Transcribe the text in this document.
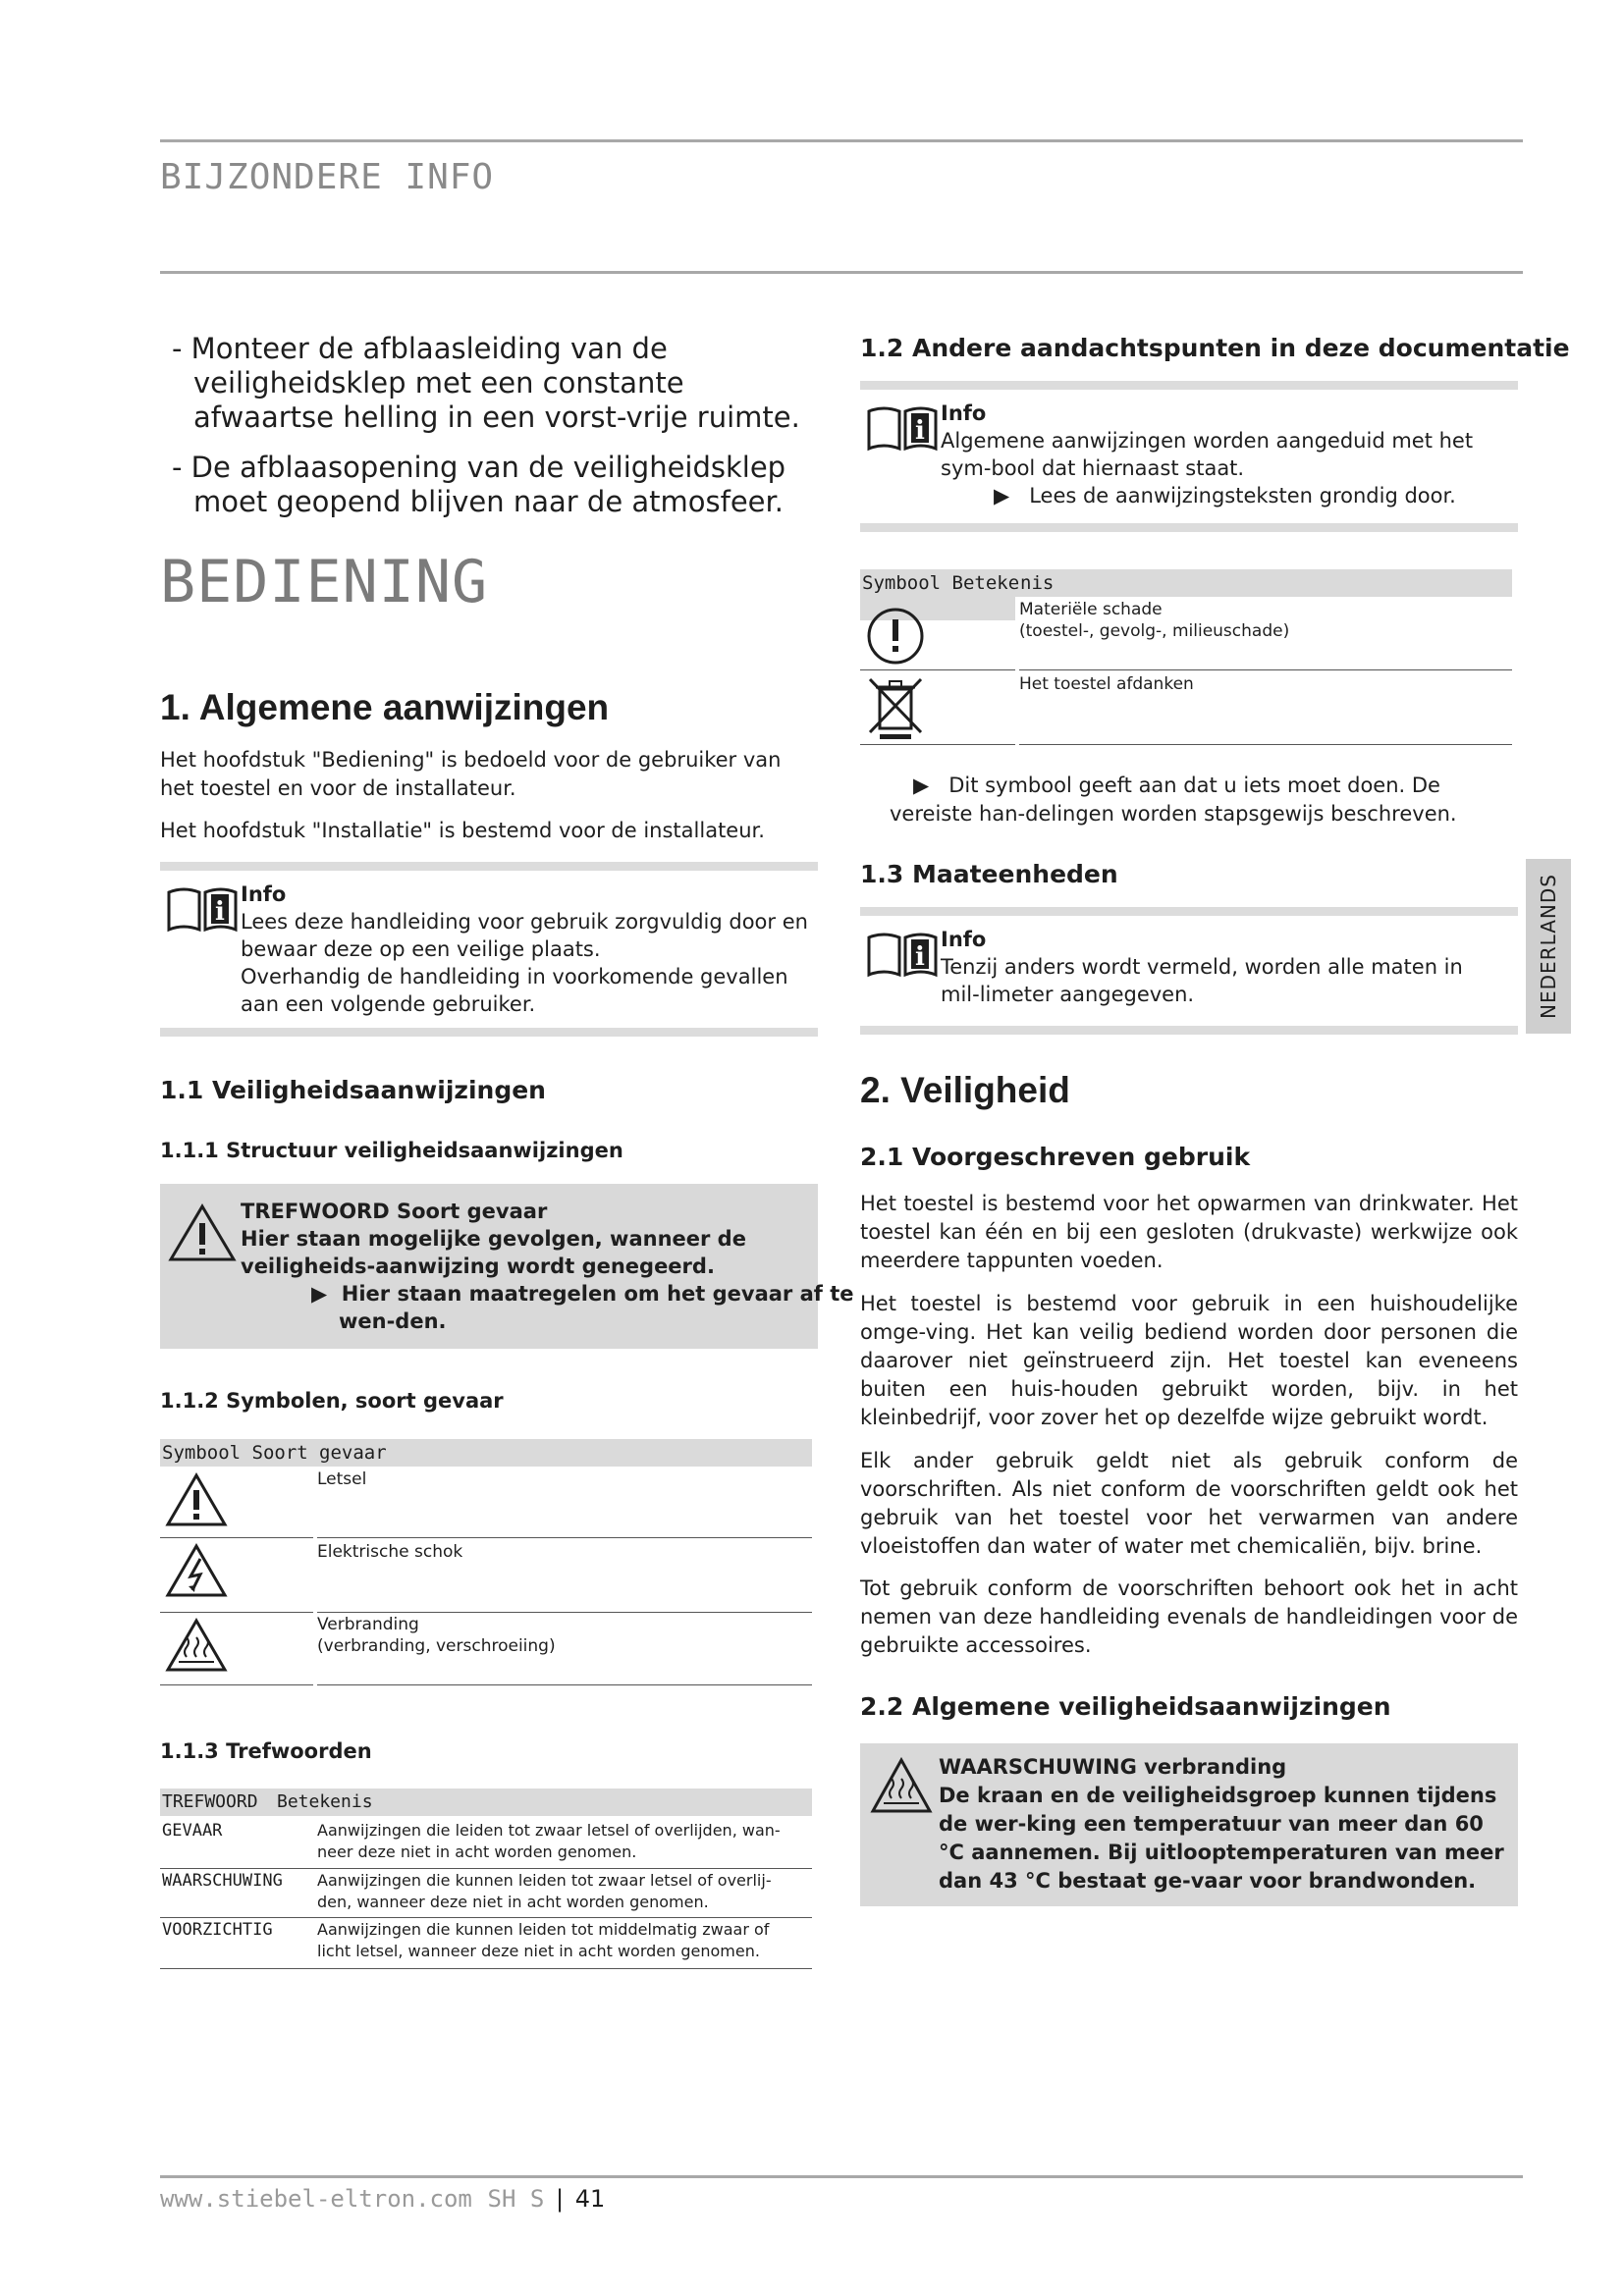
BIJZONDERE INFO

- Monteer de afblaasleiding van de veiligheidsklep met een constante afwaartse helling in een vorst-vrije ruimte.

- De afblaasopening van de veiligheidsklep moet geopend blijven naar de atmosfeer.

BEDIENING
1. Algemene aanwijzingen

Het hoofdstuk "Bediening" is bedoeld voor de gebruiker van het toestel en voor de installateur.

Het hoofdstuk "Installatie" is bestemd voor de installateur.

i
Info
Lees deze handleiding voor gebruik zorgvuldig door en bewaar deze op een veilige plaats.
Overhandig de handleiding in voorkomende gevallen aan een volgende gebruiker.
1.1 Veiligheidsaanwijzingen
1.1.1 Structuur veiligheidsaanwijzingen
TREFWOORD Soort gevaar
Hier staan mogelijke gevolgen, wanneer de veiligheids-aanwijzing wordt genegeerd.
▶  Hier staan maatregelen om het gevaar af te wen-den.
1.1.2 Symbolen, soort gevaar
Symbool Soort gevaar
Letsel
Elektrische schok
Verbranding
(verbranding, verschroeiing)
1.1.3 Trefwoorden
TREFWOORD Betekenis
GEVAAR	Aanwijzingen die leiden tot zwaar letsel of overlijden, wan-
neer deze niet in acht worden genomen.
WAARSCHUWING Aanwijzingen die kunnen leiden tot zwaar letsel of overlij-
den, wanneer deze niet in acht worden genomen.
VOORZICHTIG	Aanwijzingen die kunnen leiden tot middelmatig zwaar of
licht letsel, wanneer deze niet in acht worden genomen.
1.2 Andere aandachtspunten in deze documentatie
i
Info
Algemene aanwijzingen worden aangeduid met het sym-bool dat hiernaast staat.
▶   Lees de aanwijzingsteksten grondig door.
Symbool Beteke nis
Materiële schade
(toestel-, gevolg-, milieuschade)
Het toestel afdanken
▶   Dit symbool geeft aan dat u iets moet doen. De vereiste han-delingen worden stapsgewijs beschreven.
1.3 Maateenheden
i
Info
Tenzij anders wordt vermeld, worden alle maten in mil-limeter aangegeven.
2. Veiligheid
2.1 Voorgeschreven gebruik

Het toestel is bestemd voor het opwarmen van drinkwater. Het toestel kan één en bij een gesloten (drukvaste) werkwijze ook meerdere tappunten voeden.

Het toestel is bestemd voor gebruik in een huishoudelijke omge-ving. Het kan veilig bediend worden door personen die daarover niet geïnstrueerd zijn. Het toestel kan eveneens buiten een huis-houden gebruikt worden, bijv. in het kleinbedrijf, voor zover het op dezelfde wijze gebruikt wordt.

Elk ander gebruik geldt niet als gebruik conform de voorschriften. Als niet conform de voorschriften geldt ook het gebruik van het toestel voor het verwarmen van andere vloeistoffen dan water of water met chemicaliën, bijv. brine.

Tot gebruik conform de voorschriften behoort ook het in acht nemen van deze handleiding evenals de handleidingen voor de gebruikte accessoires.

2.2 Algemene veiligheidsaanwijzingen
WAARSCHUWING verbranding
De kraan en de veiligheidsgroep kunnen tijdens de wer-king een temperatuur van meer dan 60 °C aannemen. Bij uitlooptemperaturen van meer dan 43 °C bestaat ge-vaar voor brandwonden.
NEDERLANDS
www.stiebel-eltron.com SH S | 41
